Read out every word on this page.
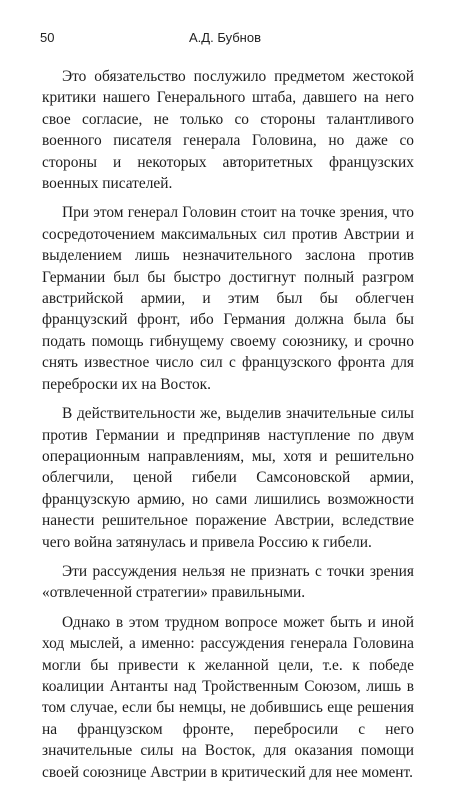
50	А.Д. Бубнов

Это обязательство послужило предметом жестокой критики нашего Генерального штаба, давшего на него свое согласие, не только со стороны талантливого военного писателя генерала Головина, но даже со стороны и некоторых авторитетных французских военных писателей.

При этом генерал Головин стоит на точке зрения, что сосредоточением максимальных сил против Австрии и выделением лишь незначительного заслона против Германии был бы быстро достигнут полный разгром австрийской армии, и этим был бы облегчен французский фронт, ибо Германия должна была бы подать помощь гибнущему своему союзнику, и срочно снять известное число сил с французского фронта для переброски их на Восток.

В действительности же, выделив значительные силы против Германии и предприняв наступление по двум операционным направлениям, мы, хотя и решительно облегчили, ценой гибели Самсоновской армии, французскую армию, но сами лишились возможности нанести решительное поражение Австрии, вследствие чего война затянулась и привела Россию к гибели.

Эти рассуждения нельзя не признать с точки зрения «отвлеченной стратегии» правильными.

Однако в этом трудном вопросе может быть и иной ход мыслей, а именно: рассуждения генерала Головина могли бы привести к желанной цели, т.е. к победе коалиции Антанты над Тройственным Союзом, лишь в том случае, если бы немцы, не добившись еще решения на французском фронте, перебросили с него значительные силы на Восток, для оказания помощи своей союзнице Австрии в критический для нее момент.
